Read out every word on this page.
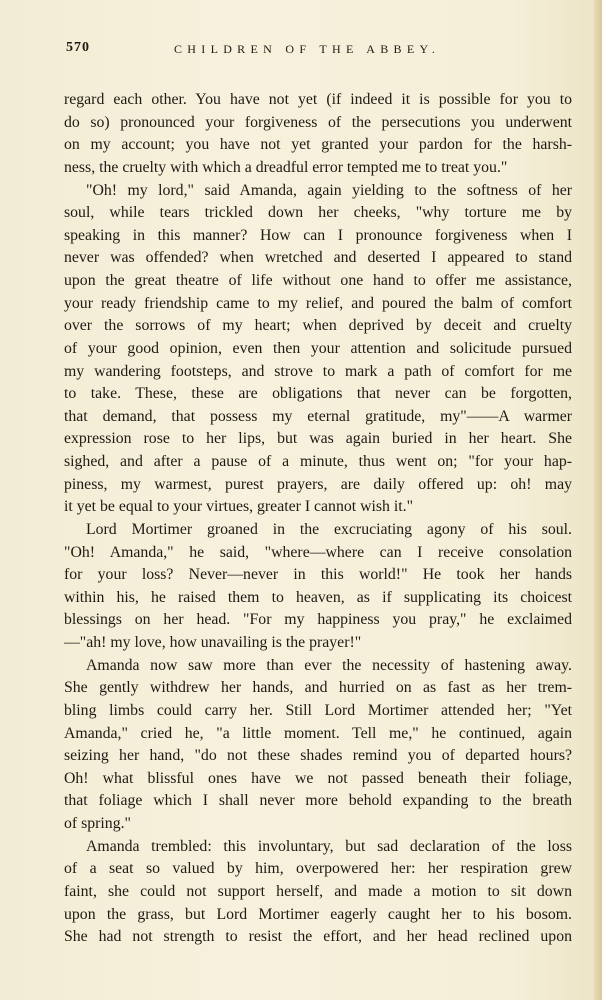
570	CHILDREN OF THE ABBEY.
regard each other. You have not yet (if indeed it is possible for you to
do so) pronounced your forgiveness of the persecutions you underwent
on my account; you have not yet granted your pardon for the harsh-
ness, the cruelty with which a dreadful error tempted me to treat you."
"Oh! my lord," said Amanda, again yielding to the softness of her
soul, while tears trickled down her cheeks, "why torture me by
speaking in this manner? How can I pronounce forgiveness when I
never was offended? when wretched and deserted I appeared to stand
upon the great theatre of life without one hand to offer me assistance,
your ready friendship came to my relief, and poured the balm of comfort
over the sorrows of my heart; when deprived by deceit and cruelty
of your good opinion, even then your attention and solicitude pursued
my wandering footsteps, and strove to mark a path of comfort for me
to take. These, these are obligations that never can be forgotten,
that demand, that possess my eternal gratitude, my"——A warmer
expression rose to her lips, but was again buried in her heart. She
sighed, and after a pause of a minute, thus went on; "for your hap-
piness, my warmest, purest prayers, are daily offered up: oh! may
it yet be equal to your virtues, greater I cannot wish it."
Lord Mortimer groaned in the excruciating agony of his soul.
"Oh! Amanda," he said, "where—where can I receive consolation
for your loss? Never—never in this world!" He took her hands
within his, he raised them to heaven, as if supplicating its choicest
blessings on her head. "For my happiness you pray," he exclaimed
—"ah! my love, how unavailing is the prayer!"
Amanda now saw more than ever the necessity of hastening away.
She gently withdrew her hands, and hurried on as fast as her trem-
bling limbs could carry her. Still Lord Mortimer attended her; "Yet
Amanda," cried he, "a little moment. Tell me," he continued, again
seizing her hand, "do not these shades remind you of departed hours?
Oh! what blissful ones have we not passed beneath their foliage,
that foliage which I shall never more behold expanding to the breath
of spring."
Amanda trembled: this involuntary, but sad declaration of the loss
of a seat so valued by him, overpowered her: her respiration grew
faint, she could not support herself, and made a motion to sit down
upon the grass, but Lord Mortimer eagerly caught her to his bosom.
She had not strength to resist the effort, and her head reclined upon
